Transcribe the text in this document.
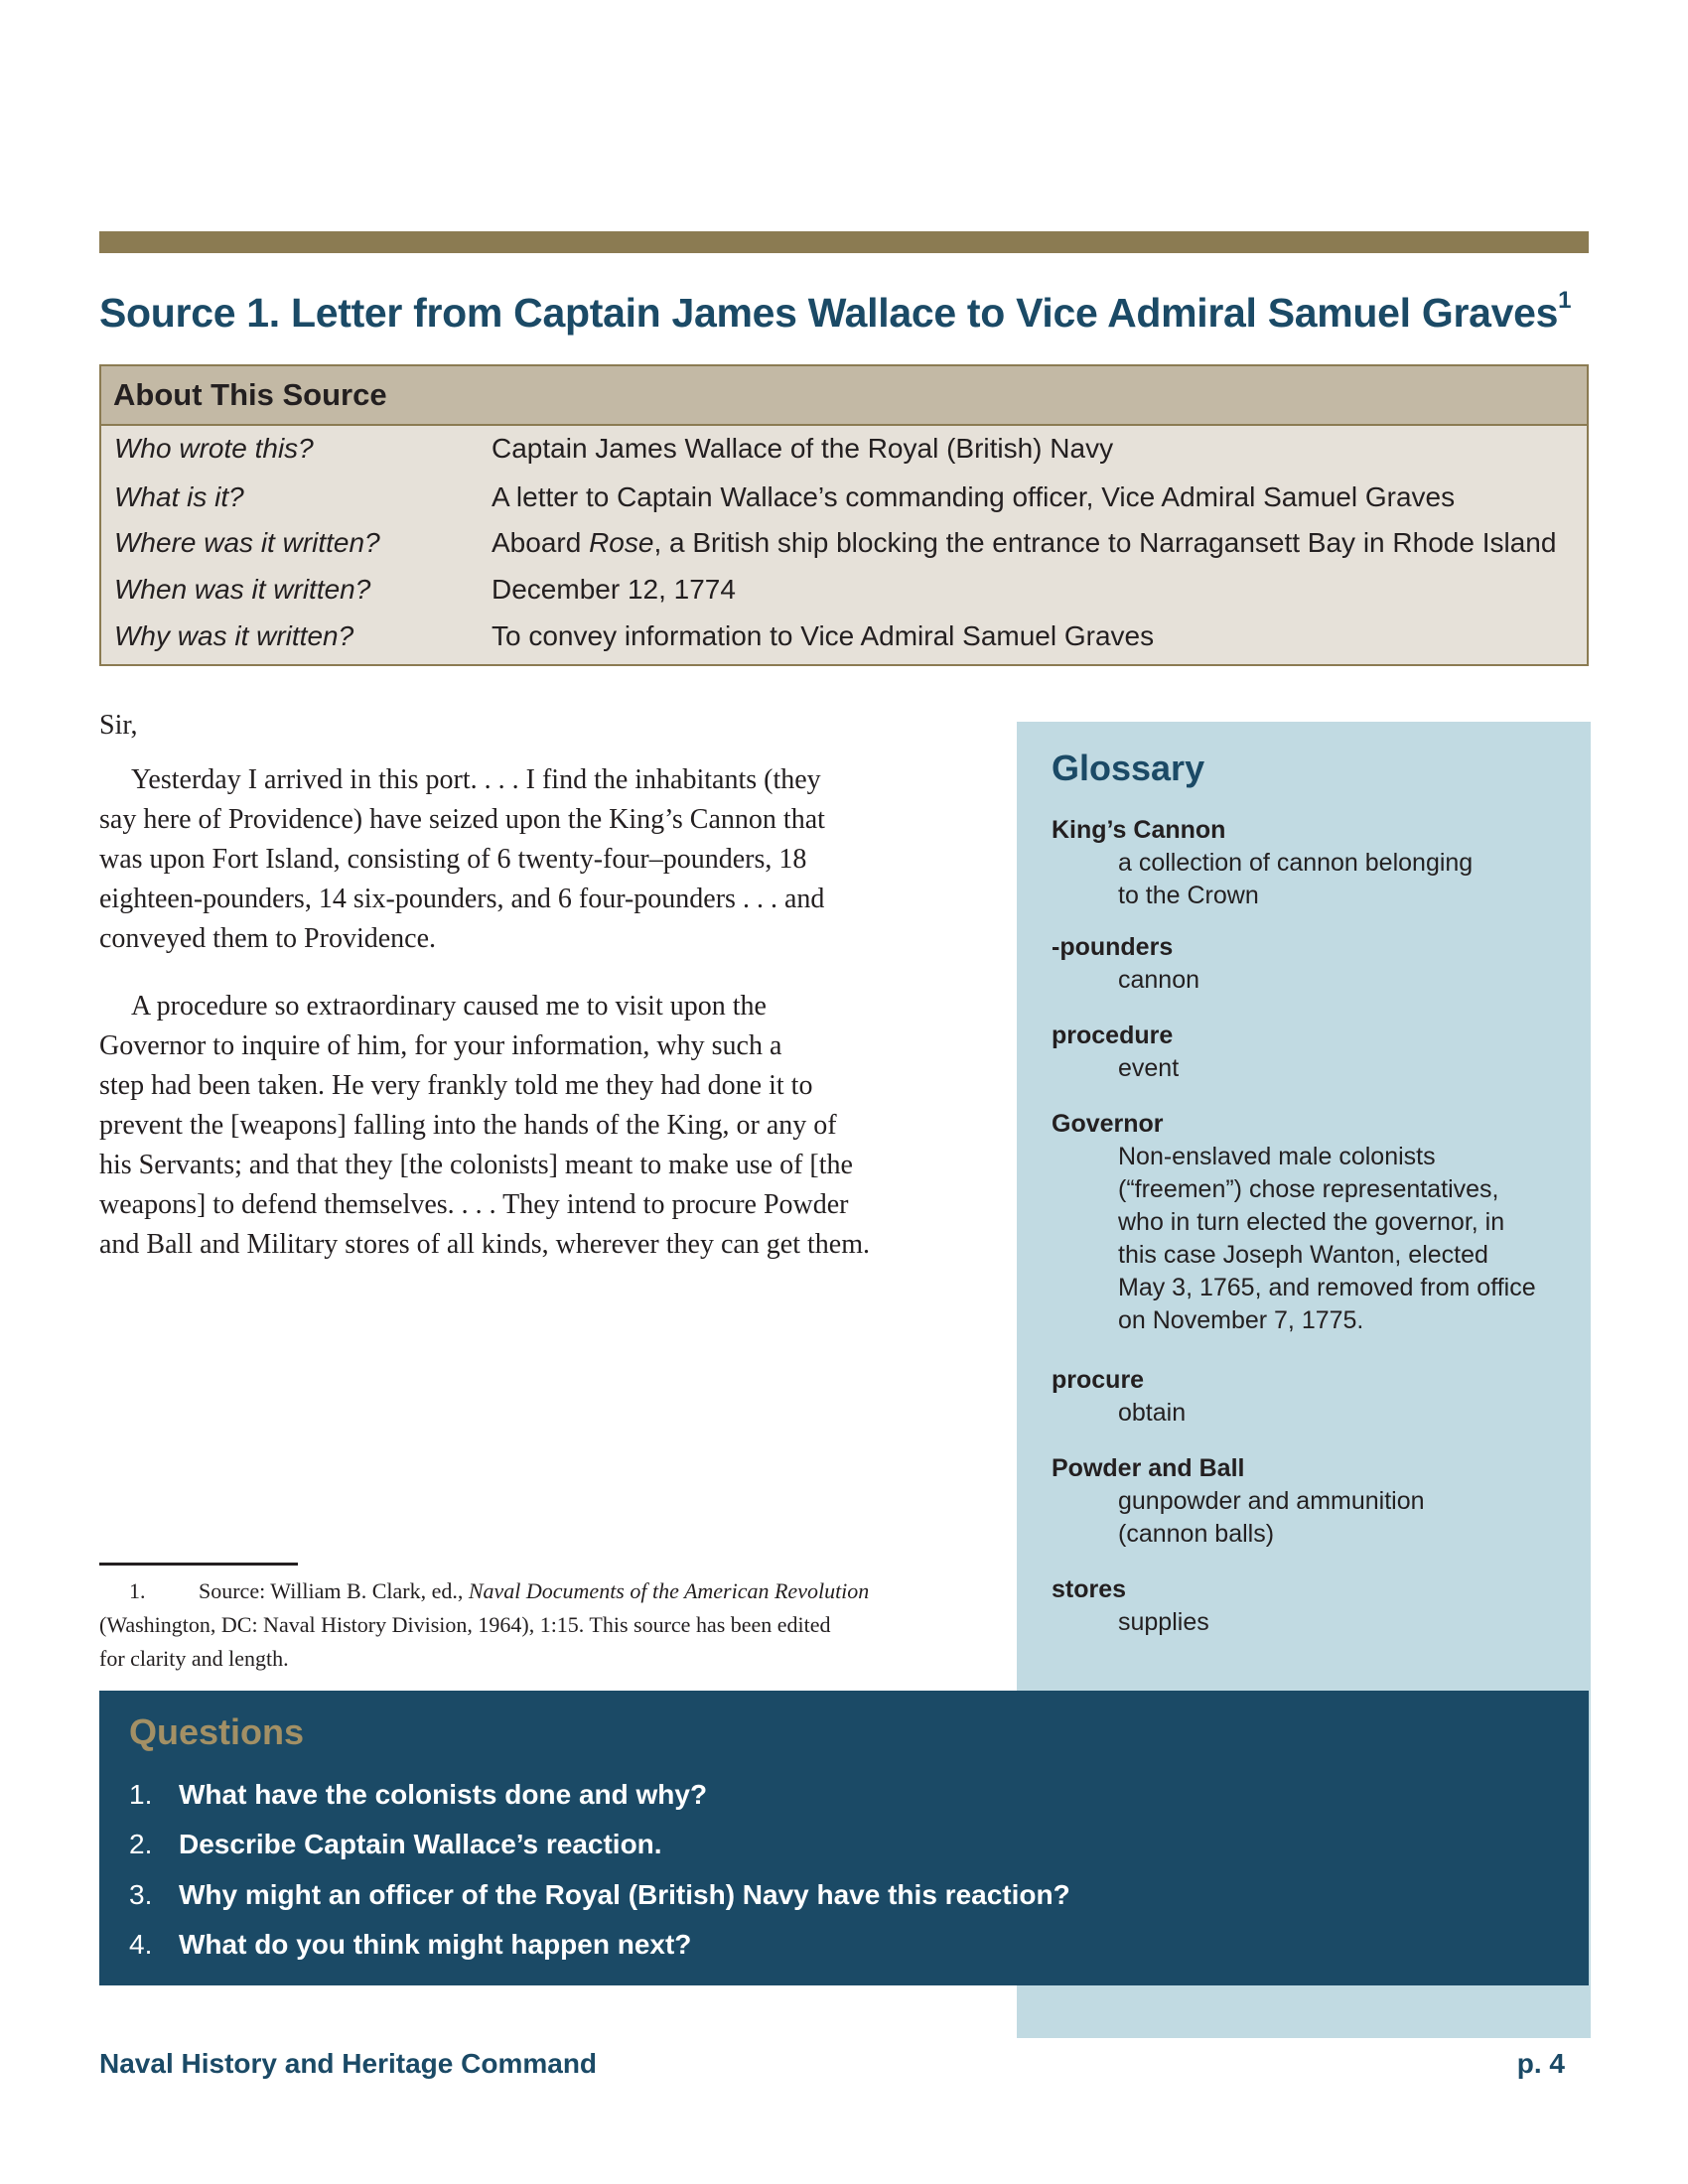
Source 1. Letter from Captain James Wallace to Vice Admiral Samuel Graves$^1$
About This Source
Who wrote this?	Captain James Wallace of the Royal (British) Navy
What is it?	A letter to Captain Wallace’s commanding officer, Vice Admiral Samuel Graves
Where was it written?	Aboard Rose, a British ship blocking the entrance to Narragansett Bay in Rhode Island
When was it written?	December 12, 1774
Why was it written?	To convey information to Vice Admiral Samuel Graves
Sir,
Yesterday I arrived in this port. . . . I find the inhabitants (they
say here of Providence) have seized upon the King’s Cannon that
was upon Fort Island, consisting of 6 twenty-four–pounders, 18
eighteen-pounders, 14 six-pounders, and 6 four-pounders . . . and
conveyed them to Providence.
A procedure so extraordinary caused me to visit upon the
Governor to inquire of him, for your information, why such a
step had been taken. He very frankly told me they had done it to
prevent the [weapons] falling into the hands of the King, or any of
his Servants; and that they [the colonists] meant to make use of [the
weapons] to defend themselves. . . . They intend to procure Powder
and Ball and Military stores of all kinds, wherever they can get them.
1. Source: William B. Clark, ed., Naval Documents of the American Revolution
(Washington, DC: Naval History Division, 1964), 1:15. This source has been edited
for clarity and length.
Glossary
King’s Cannon
a collection of cannon belonging
to the Crown
-pounders
cannon
procedure
event
Governor
Non-enslaved male colonists
(“freemen”) chose representatives,
who in turn elected the governor, in
this case Joseph Wanton, elected
May 3, 1765, and removed from office
on November 7, 1775.
procure
obtain
Powder and Ball
gunpowder and ammunition
(cannon balls)
stores
supplies
Questions
1. What have the colonists done and why?
2. Describe Captain Wallace’s reaction.
3. Why might an officer of the Royal (British) Navy have this reaction?
4. What do you think might happen next?
Naval History and Heritage Command	p. 4
